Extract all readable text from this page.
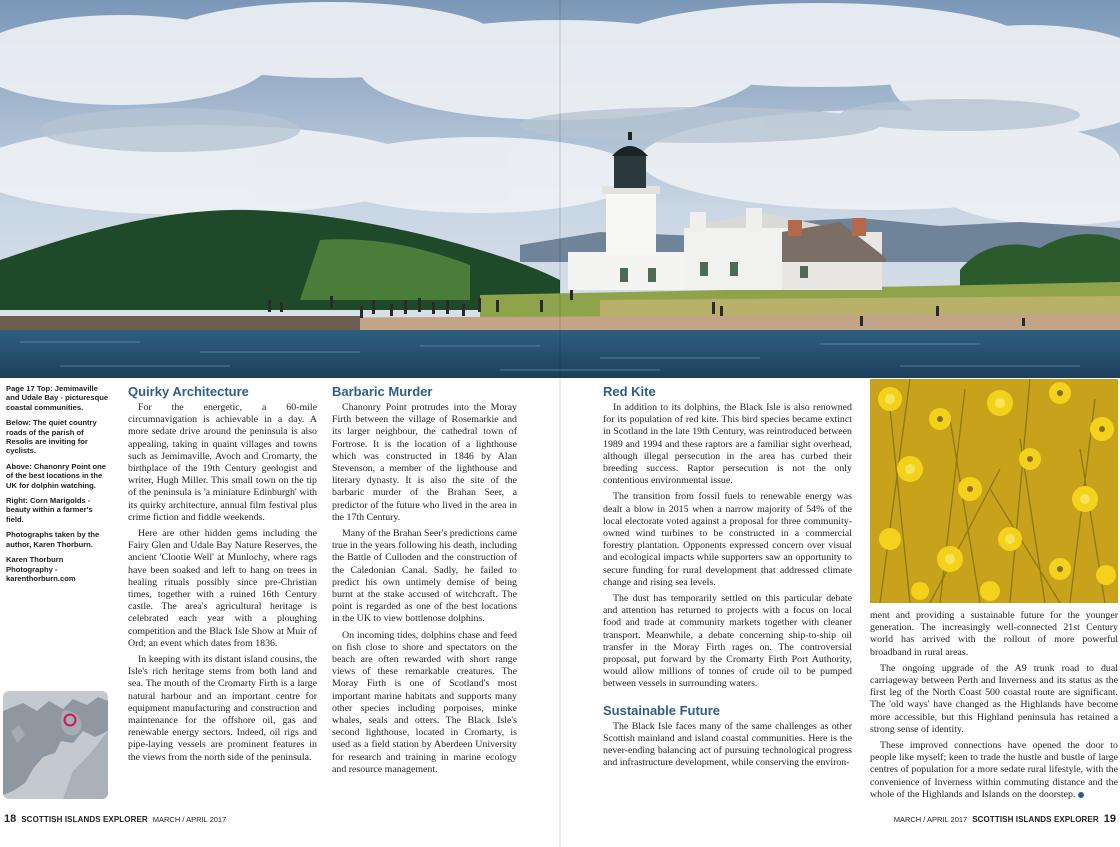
Page 17 Top: Jemimaville and Udale Bay - picturesque coastal communities.

Below: The quiet country roads of the parish of Resolis are inviting for cyclists.

Above: Chanonry Point one of the best locations in the UK for dolphin watching.

Right: Corn Marigolds - beauty within a farmer's field.

Photographs taken by the author, Karen Thorburn.

Karen Thorburn Photography - karenthorburn.com

Quirky Architecture

For the energetic, a 60-mile circumnavigation is achievable in a day. A more sedate drive around the peninsula is also appealing, taking in quaint villages and towns such as Jemimaville, Avoch and Cromarty, the birthplace of the 19th Century geologist and writer, Hugh Miller. This small town on the tip of the peninsula is 'a miniature Edinburgh' with its quirky architecture, annual film festival plus crime fiction and fiddle weekends.

Here are other hidden gems including the Fairy Glen and Udale Bay Nature Reserves, the ancient 'Clootie Well' at Munlochy, where rags have been soaked and left to hang on trees in healing rituals possibly since pre-Christian times, together with a ruined 16th Century castle. The area's agricultural heritage is celebrated each year with a ploughing competition and the Black Isle Show at Muir of Ord; an event which dates from 1836.

In keeping with its distant island cousins, the Isle's rich heritage stems from both land and sea. The mouth of the Cromarty Firth is a large natural harbour and an important centre for equipment manufacturing and construction and maintenance for the offshore oil, gas and renewable energy sectors. Indeed, oil rigs and pipe-laying vessels are prominent features in the views from the north side of the peninsula.

Barbaric Murder

Chanonry Point protrudes into the Moray Firth between the village of Rosemarkie and its larger neighbour, the cathedral town of Fortrose. It is the location of a lighthouse which was constructed in 1846 by Alan Stevenson, a member of the lighthouse and literary dynasty. It is also the site of the barbaric murder of the Brahan Seer, a predictor of the future who lived in the area in the 17th Century.

Many of the Brahan Seer's predictions came true in the years following his death, including the Battle of Culloden and the construction of the Caledonian Canal. Sadly, he failed to predict his own untimely demise of being burnt at the stake accused of witchcraft. The point is regarded as one of the best locations in the UK to view bottlenose dolphins.

On incoming tides, dolphins chase and feed on fish close to shore and spectators on the beach are often rewarded with short range views of these remarkable creatures. The Moray Firth is one of Scotland's most important marine habitats and supports many other species including porpoises, minke whales, seals and otters. The Black Isle's second lighthouse, located in Cromarty, is used as a field station by Aberdeen University for research and training in marine ecology and resource management.

Red Kite

In addition to its dolphins, the Black Isle is also renowned for its population of red kite. This bird species became extinct in Scotland in the late 19th Century, was reintroduced between 1989 and 1994 and these raptors are a familiar sight overhead, although illegal persecution in the area has curbed their breeding success. Raptor persecution is not the only contentious environmental issue.

The transition from fossil fuels to renewable energy was dealt a blow in 2015 when a narrow majority of 54% of the local electorate voted against a proposal for three community-owned wind turbines to be constructed in a commercial forestry plantation. Opponents expressed concern over visual and ecological impacts while supporters saw an opportunity to secure funding for rural development that addressed climate change and rising sea levels.

The dust has temporarily settled on this particular debate and attention has returned to projects with a focus on local food and trade at community markets together with cleaner transport. Meanwhile, a debate concerning ship-to-ship oil transfer in the Moray Firth rages on. The controversial proposal, put forward by the Cromarty Firth Port Authority, would allow millions of tonnes of crude oil to be pumped between vessels in surrounding waters.

Sustainable Future

The Black Isle faces many of the same challenges as other Scottish mainland and island coastal communities. Here is the never-ending balancing act of pursuing technological progress and infrastructure development, while conserving the environ-

ment and providing a sustainable future for the younger generation. The increasingly well-connected 21st Century world has arrived with the rollout of more powerful broadband in rural areas.

The ongoing upgrade of the A9 trunk road to dual carriageway between Perth and Inverness and its status as the first leg of the North Coast 500 coastal route are significant. The 'old ways' have changed as the Highlands have become more accessible, but this Highland peninsula has retained a strong sense of identity.

These improved connections have opened the door to people like myself; keen to trade the hustle and bustle of large centres of population for a more sedate rural lifestyle, with the convenience of Inverness within commuting distance and the whole of the Highlands and Islands on the doorstep.

18 SCOTTISH ISLANDS EXPLORER MARCH / APRIL 2017	MARCH / APRIL 2017 SCOTTISH ISLANDS EXPLORER 19
